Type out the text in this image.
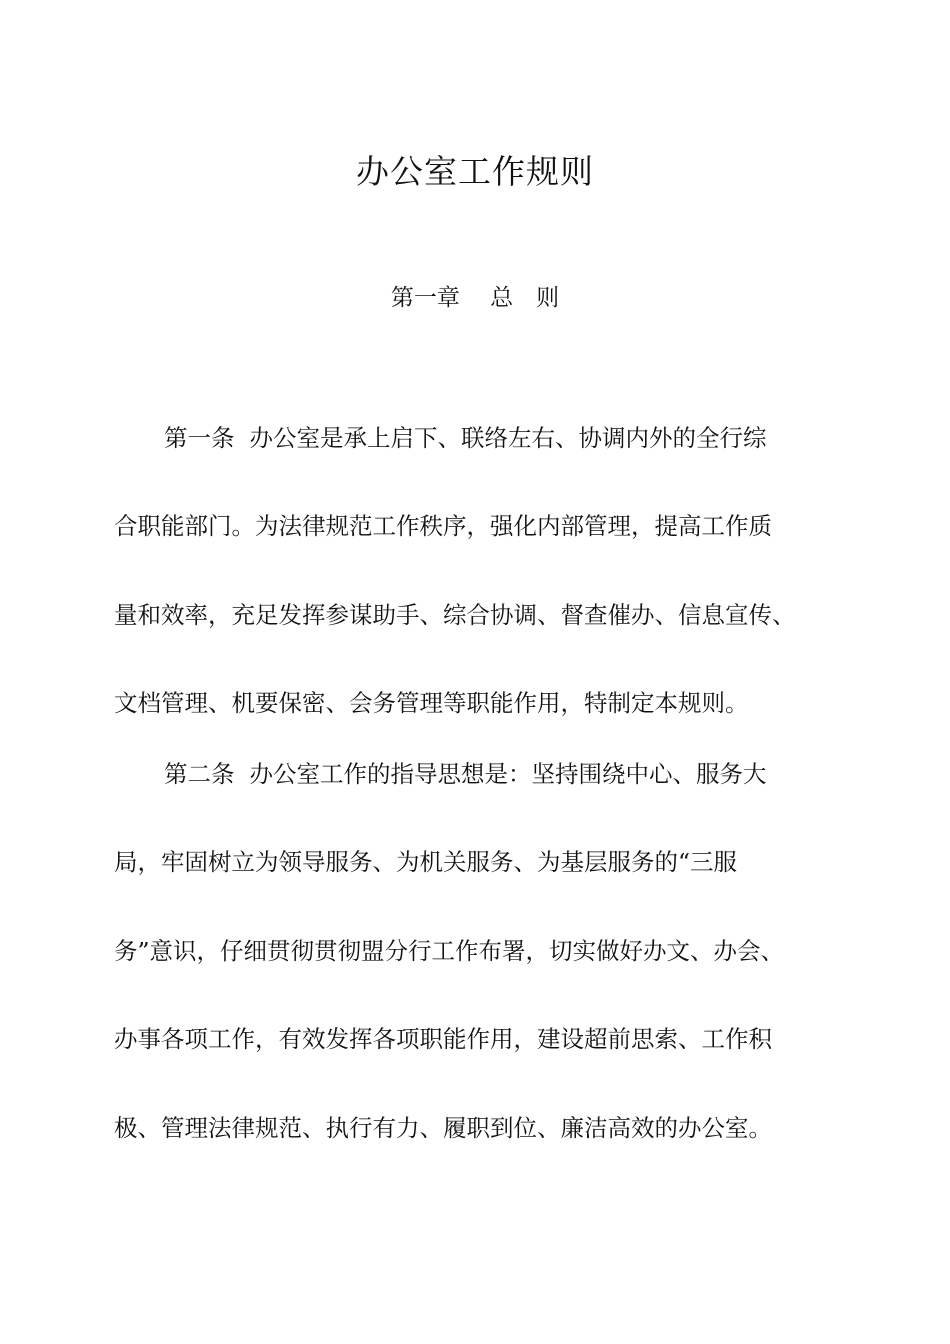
办公室工作规则
第一章　 总　则
第一条  办公室是承上启下、联络左右、协调内外的全行综
合职能部门。为法律规范工作秩序，强化内部管理，提高工作质
量和效率，充足发挥参谋助手、综合协调、督查催办、信息宣传、
文档管理、机要保密、会务管理等职能作用，特制定本规则。
第二条  办公室工作的指导思想是：坚持围绕中心、服务大
局，牢固树立为领导服务、为机关服务、为基层服务的“三服
务”意识，仔细贯彻贯彻盟分行工作布署，切实做好办文、办会、
办事各项工作，有效发挥各项职能作用，建设超前思索、工作积
极、管理法律规范、执行有力、履职到位、廉洁高效的办公室。
